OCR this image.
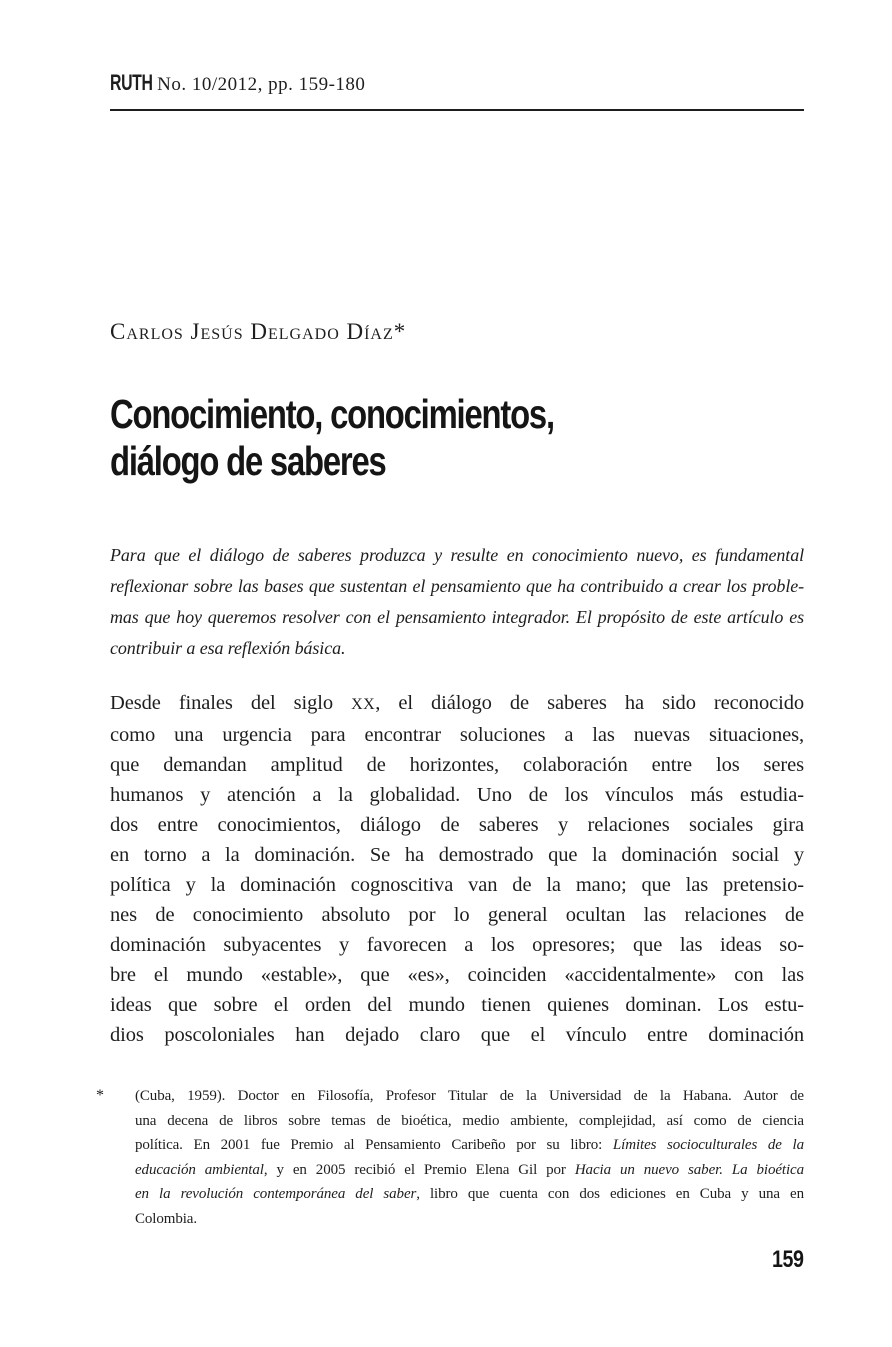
RUTH No. 10/2012, pp. 159-180
Carlos Jesús Delgado Díaz*
Conocimiento, conocimientos,
diálogo de saberes
Para que el diálogo de saberes produzca y resulte en conocimiento nuevo, es fundamental
reflexionar sobre las bases que sustentan el pensamiento que ha contribuido a crear los proble-
mas que hoy queremos resolver con el pensamiento integrador. El propósito de este artículo es
contribuir a esa reflexión básica.
Desde finales del siglo XX, el diálogo de saberes ha sido reconocido
como una urgencia para encontrar soluciones a las nuevas situaciones,
que demandan amplitud de horizontes, colaboración entre los seres
humanos y atención a la globalidad. Uno de los vínculos más estudia-
dos entre conocimientos, diálogo de saberes y relaciones sociales gira
en torno a la dominación. Se ha demostrado que la dominación social y
política y la dominación cognoscitiva van de la mano; que las pretensio-
nes de conocimiento absoluto por lo general ocultan las relaciones de
dominación subyacentes y favorecen a los opresores; que las ideas so-
bre el mundo «estable», que «es», coinciden «accidentalmente» con las
ideas que sobre el orden del mundo tienen quienes dominan. Los estu-
dios poscoloniales han dejado claro que el vínculo entre dominación
*	(Cuba, 1959). Doctor en Filosofía, Profesor Titular de la Universidad de la Habana. Autor de
una decena de libros sobre temas de bioética, medio ambiente, complejidad, así como de ciencia
política. En 2001 fue Premio al Pensamiento Caribeño por su libro: Límites socioculturales de la
educación ambiental, y en 2005 recibió el Premio Elena Gil por Hacia un nuevo saber. La bioética
en la revolución contemporánea del saber, libro que cuenta con dos ediciones en Cuba y una en
Colombia.
159
